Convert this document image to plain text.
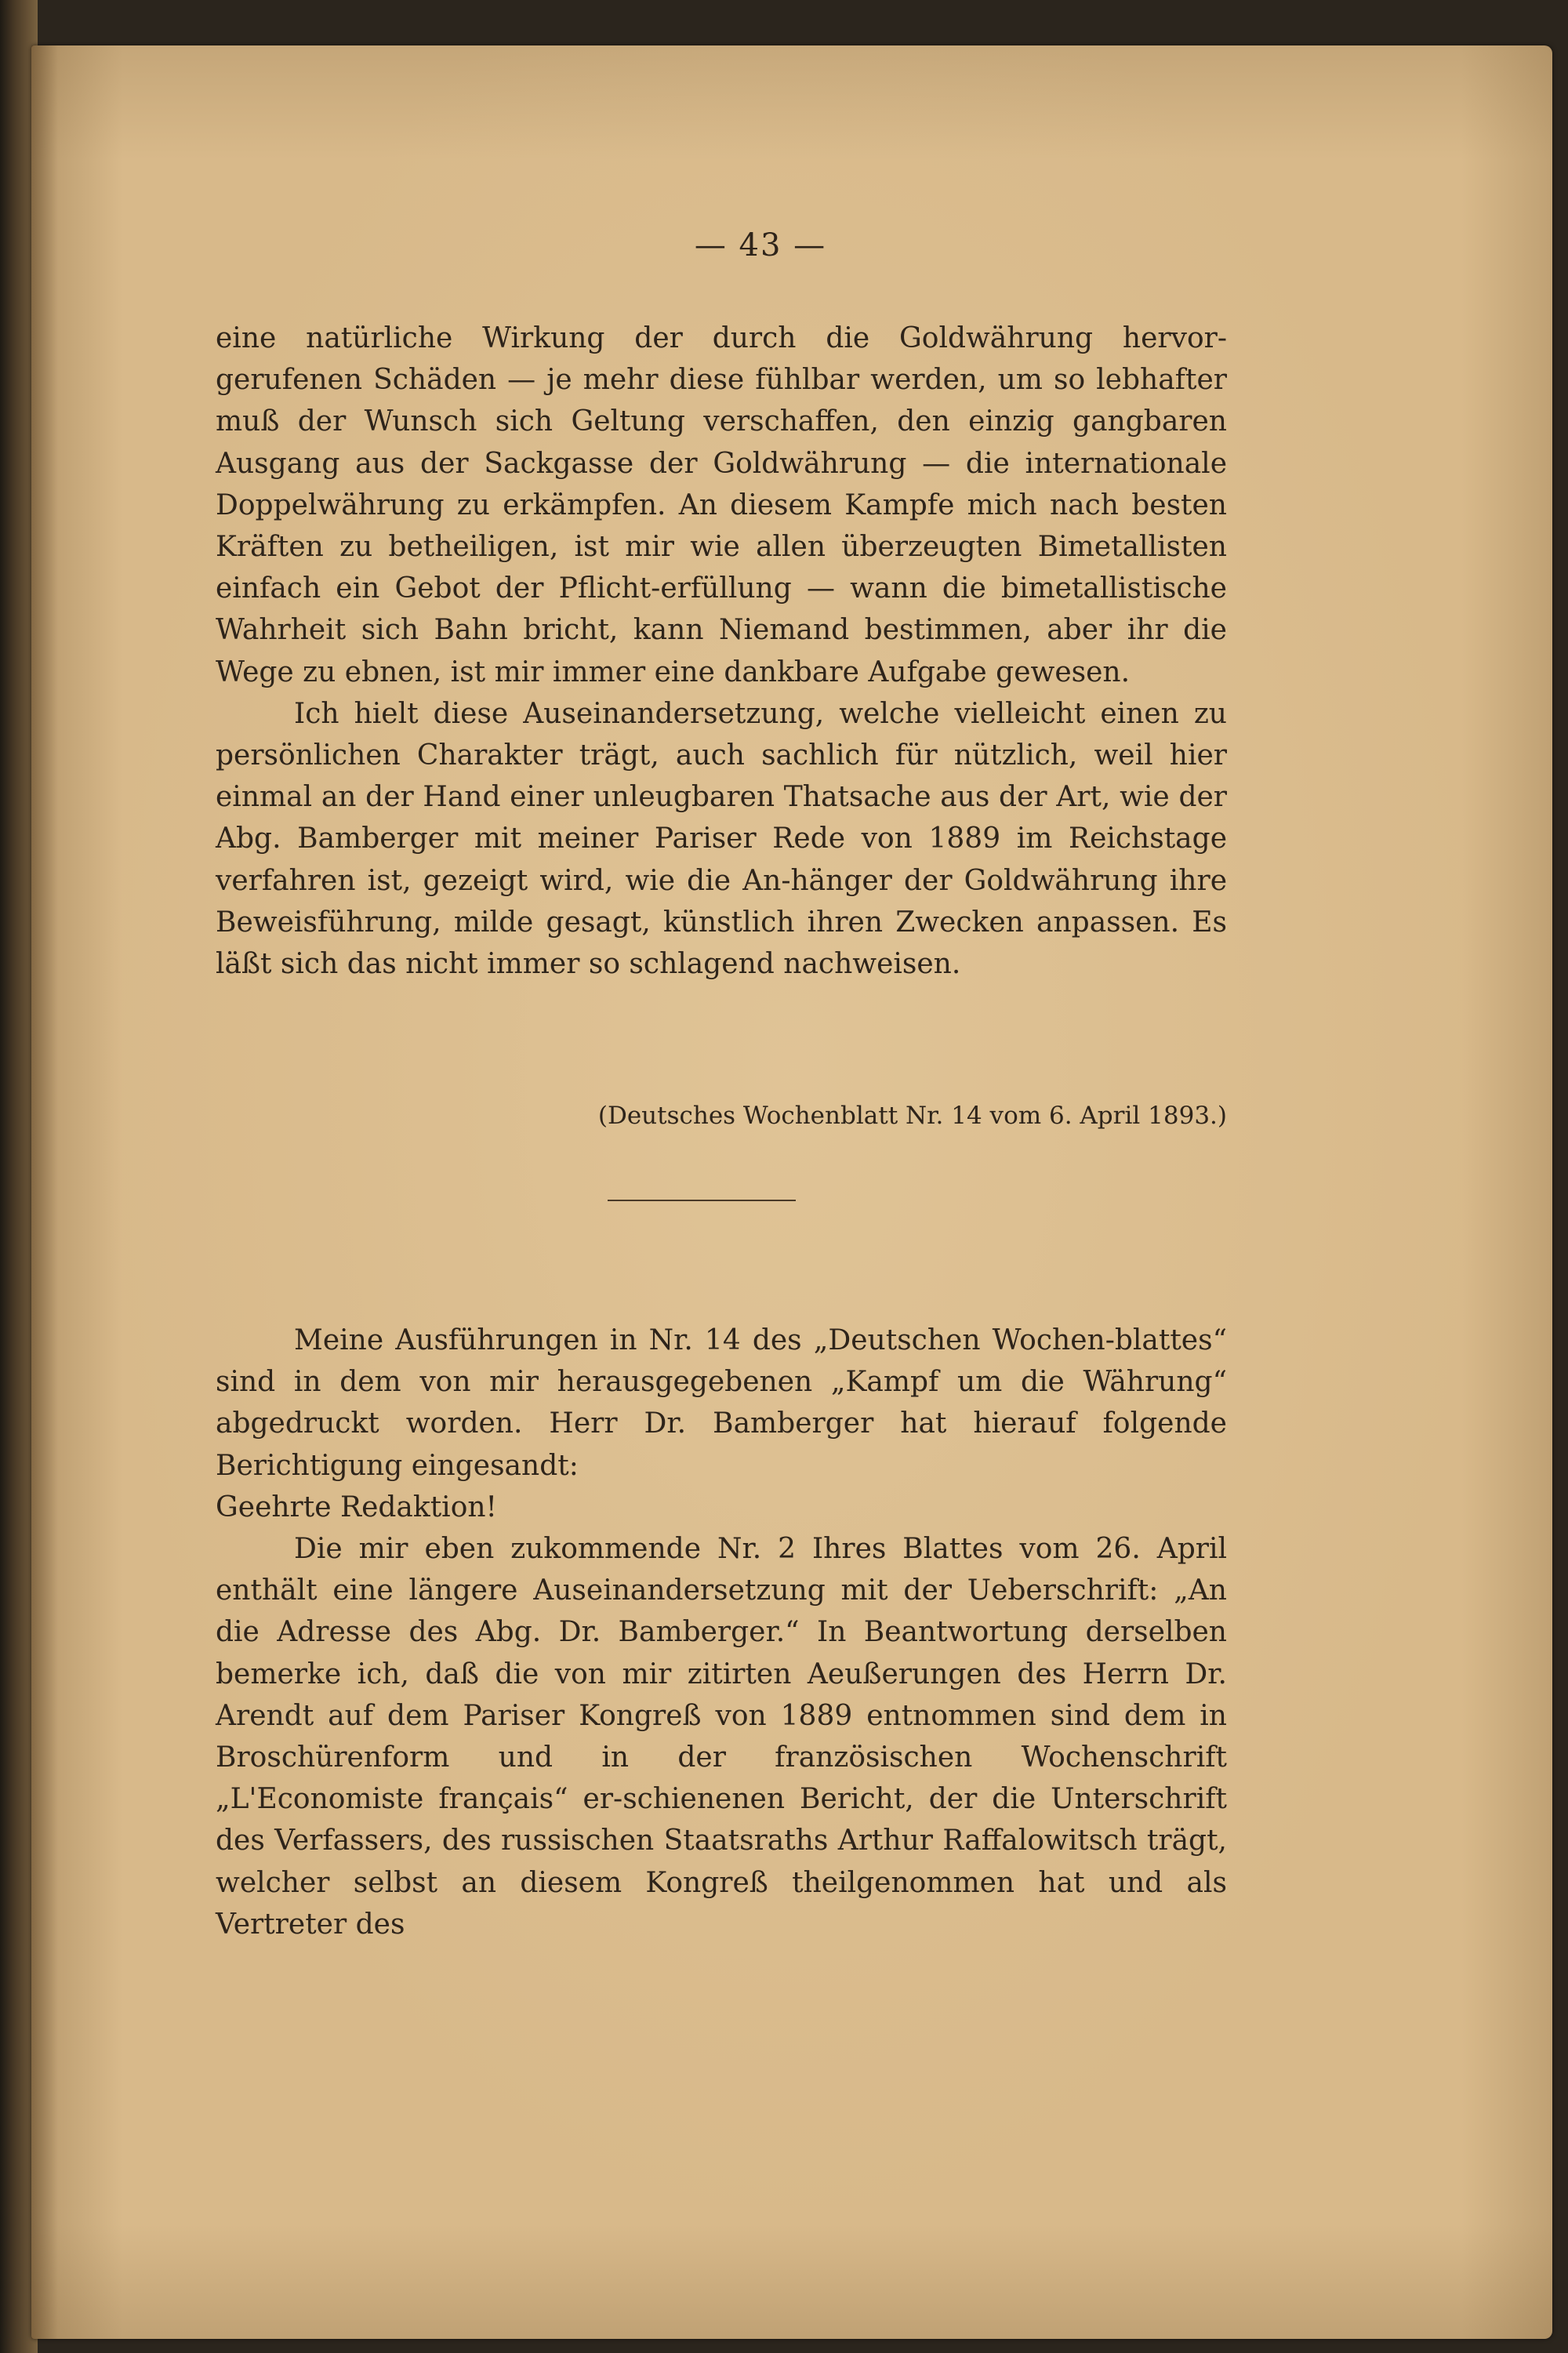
— 43 —

eine natürliche Wirkung der durch die Goldwährung hervor-gerufenen Schäden — je mehr diese fühlbar werden, um so lebhafter muß der Wunsch sich Geltung verschaffen, den einzig gangbaren Ausgang aus der Sackgasse der Goldwährung — die internationale Doppelwährung zu erkämpfen. An diesem Kampfe mich nach besten Kräften zu betheiligen, ist mir wie allen überzeugten Bimetallisten einfach ein Gebot der Pflicht-erfüllung — wann die bimetallistische Wahrheit sich Bahn bricht, kann Niemand bestimmen, aber ihr die Wege zu ebnen, ist mir immer eine dankbare Aufgabe gewesen.

Ich hielt diese Auseinandersetzung, welche vielleicht einen zu persönlichen Charakter trägt, auch sachlich für nützlich, weil hier einmal an der Hand einer unleugbaren Thatsache aus der Art, wie der Abg. Bamberger mit meiner Pariser Rede von 1889 im Reichstage verfahren ist, gezeigt wird, wie die An-hänger der Goldwährung ihre Beweisführung, milde gesagt, künstlich ihren Zwecken anpassen. Es läßt sich das nicht immer so schlagend nachweisen.

(Deutsches Wochenblatt Nr. 14 vom 6. April 1893.)

Meine Ausführungen in Nr. 14 des „Deutschen Wochen-blattes“ sind in dem von mir herausgegebenen „Kampf um die Währung“ abgedruckt worden. Herr Dr. Bamberger hat hierauf folgende Berichtigung eingesandt:

Geehrte Redaktion!

Die mir eben zukommende Nr. 2 Ihres Blattes vom 26. April enthält eine längere Auseinandersetzung mit der Ueberschrift: „An die Adresse des Abg. Dr. Bamberger.“ In Beantwortung derselben bemerke ich, daß die von mir zitirten Aeußerungen des Herrn Dr. Arendt auf dem Pariser Kongreß von 1889 entnommen sind dem in Broschürenform und in der französischen Wochenschrift „L'Economiste français“ er-schienenen Bericht, der die Unterschrift des Verfassers, des russischen Staatsraths Arthur Raffalowitsch trägt, welcher selbst an diesem Kongreß theilgenommen hat und als Vertreter des
